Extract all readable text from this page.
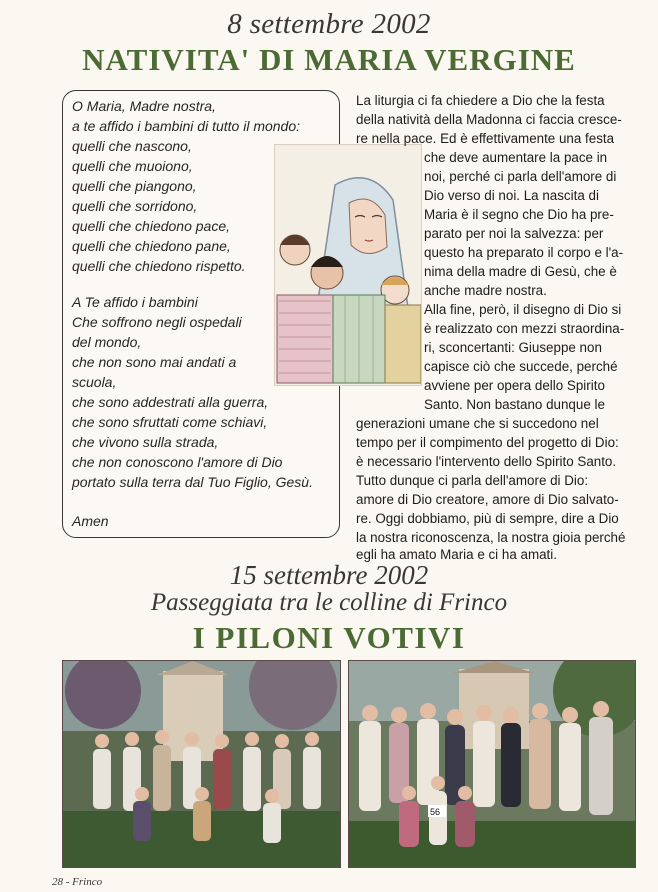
8 settembre 2002
NATIVITA' DI MARIA VERGINE
O Maria, Madre nostra,
a te affido i bambini di tutto il mondo:
quelli che nascono,
quelli che muoiono,
quelli che piangono,
quelli che sorridono,
quelli che chiedono pace,
quelli che chiedono pane,
quelli che chiedono rispetto.
A Te affido i bambini
Che soffrono negli ospedali
del mondo,
che non sono mai andati a
scuola,
che sono addestrati alla guerra,
che sono sfruttati come schiavi,
che vivono sulla strada,
che non conoscono l'amore di Dio
portato sulla terra dal Tuo Figlio, Gesù.
Amen
La liturgia ci fa chiedere a Dio che la festa
della natività della Madonna ci faccia cresce-
re nella pace. Ed è effettivamente una festa
che deve aumentare la pace in
noi, perché ci parla dell'amore di
Dio verso di noi. La nascita di
Maria è il segno che Dio ha pre-
parato per noi la salvezza: per
questo ha preparato il corpo e l'a-
nima della madre di Gesù, che è
anche madre nostra.
Alla fine, però, il disegno di Dio si
è realizzato con mezzi straordina-
ri, sconcertanti: Giuseppe non
capisce ciò che succede, perché
avviene per opera dello Spirito
Santo. Non bastano dunque le
generazioni umane che si succedono nel
tempo per il compimento del progetto di Dio:
è necessario l'intervento dello Spirito Santo.
Tutto dunque ci parla dell'amore di Dio:
amore di Dio creatore, amore di Dio salvato-
re. Oggi dobbiamo, più di sempre, dire a Dio
la nostra riconoscenza, la nostra gioia perché
egli ha amato Maria e ci ha amati.
15 settembre 2002
Passeggiata tra le colline di Frinco
I PILONI VOTIVI
56
28 - Frinco
